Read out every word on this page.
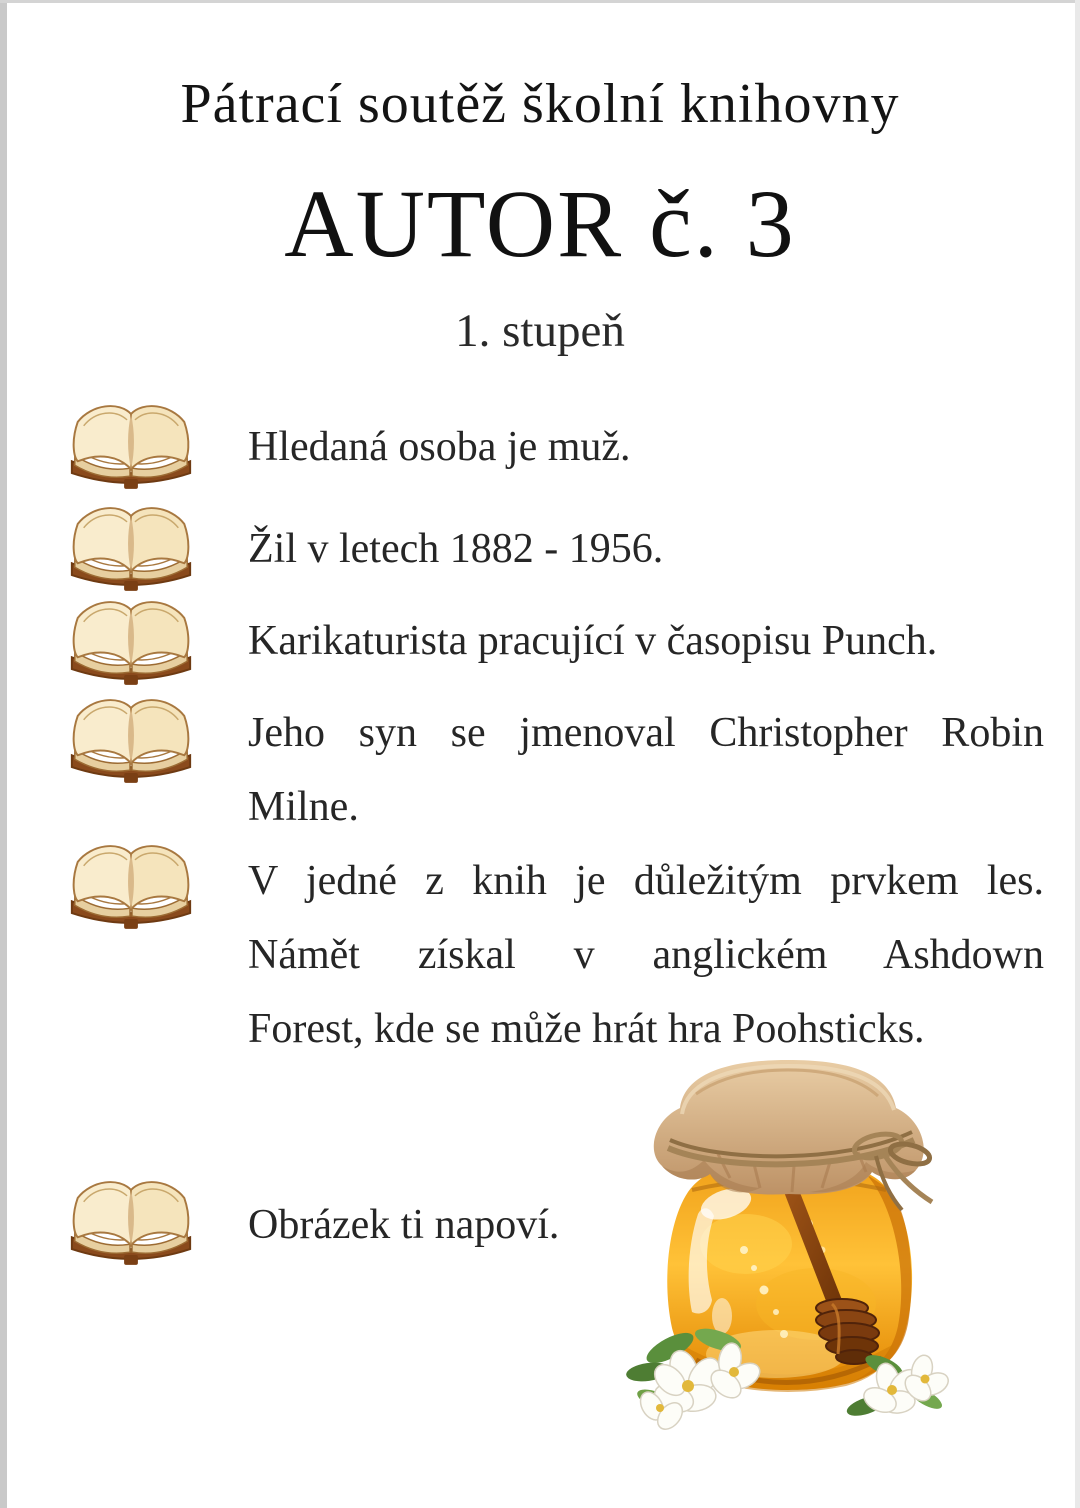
Pátrací soutěž školní knihovny
AUTOR č. 3
1. stupeň
Hledaná osoba je muž.
Žil v letech 1882 - 1956.
Karikaturista pracující v časopisu Punch.
Jeho syn se jmenoval Christopher Robin
Milne.
V jedné z knih je důležitým prvkem les.
Námět získal v anglickém Ashdown
Forest, kde se může hrát hra Poohsticks.
Obrázek ti napoví.
